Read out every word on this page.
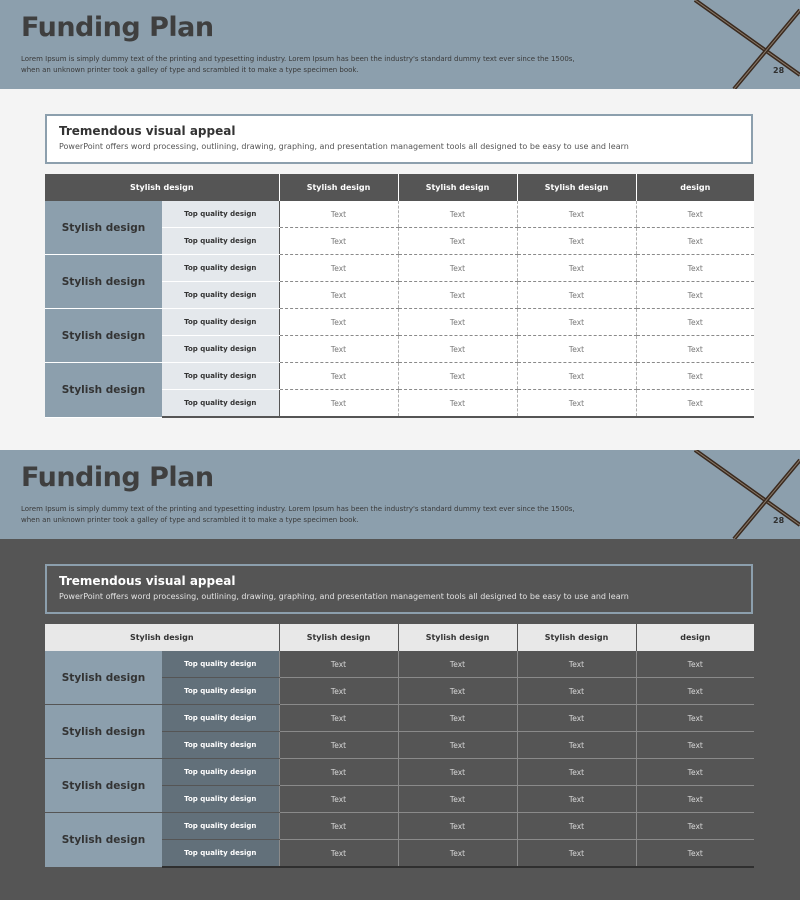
Funding Plan
Lorem Ipsum is simply dummy text of the printing and typesetting industry. Lorem Ipsum has been the industry's standard dummy text ever since the 1500s, when an unknown printer took a galley of type and scrambled it to make a type specimen book.	28
Tremendous visual appeal
PowerPoint offers word processing, outlining, drawing, graphing, and presentation management tools all designed to be easy to use and learn
Stylish design		Stylish design	Stylish design	Stylish design	design
Stylish design	Top quality design	Text	Text	Text	Text
	Top quality design	Text	Text	Text	Text
Stylish design	Top quality design	Text	Text	Text	Text
	Top quality design	Text	Text	Text	Text
Stylish design	Top quality design	Text	Text	Text	Text
	Top quality design	Text	Text	Text	Text
Stylish design	Top quality design	Text	Text	Text	Text
	Top quality design	Text	Text	Text	Text
Funding Plan
Lorem Ipsum is simply dummy text of the printing and typesetting industry. Lorem Ipsum has been the industry's standard dummy text ever since the 1500s, when an unknown printer took a galley of type and scrambled it to make a type specimen book.	28
Tremendous visual appeal
PowerPoint offers word processing, outlining, drawing, graphing, and presentation management tools all designed to be easy to use and learn
Stylish design		Stylish design	Stylish design	Stylish design	design
Stylish design	Top quality design	Text	Text	Text	Text
	Top quality design	Text	Text	Text	Text
Stylish design	Top quality design	Text	Text	Text	Text
	Top quality design	Text	Text	Text	Text
Stylish design	Top quality design	Text	Text	Text	Text
	Top quality design	Text	Text	Text	Text
Stylish design	Top quality design	Text	Text	Text	Text
	Top quality design	Text	Text	Text	Text
